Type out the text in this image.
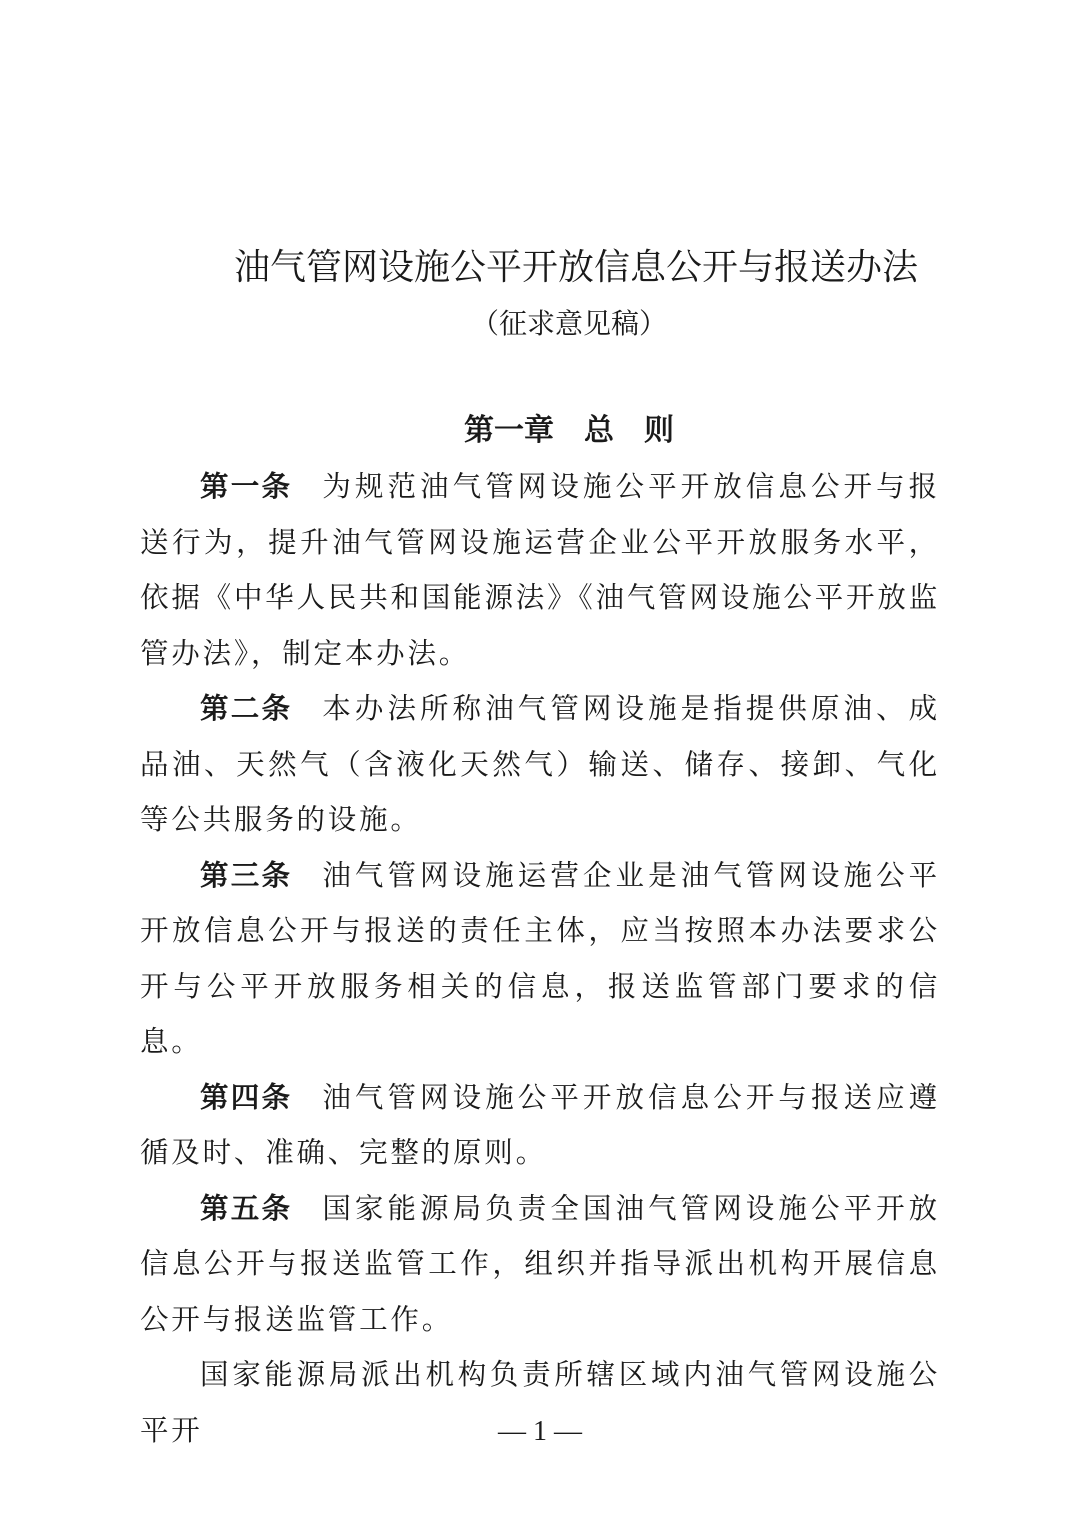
油气管网设施公平开放信息公开与报送办法
（征求意见稿）
第一章　总　则

第一条 为规范油气管网设施公平开放信息公开与报送行为，提升油气管网设施运营企业公平开放服务水平，依据《中华人民共和国能源法》《油气管网设施公平开放监管办法》，制定本办法。

第二条 本办法所称油气管网设施是指提供原油、成品油、天然气（含液化天然气）输送、储存、接卸、气化等公共服务的设施。

第三条 油气管网设施运营企业是油气管网设施公平开放信息公开与报送的责任主体，应当按照本办法要求公开与公平开放服务相关的信息，报送监管部门要求的信息。

第四条 油气管网设施公平开放信息公开与报送应遵循及时、准确、完整的原则。

第五条 国家能源局负责全国油气管网设施公平开放信息公开与报送监管工作，组织并指导派出机构开展信息公开与报送监管工作。

国家能源局派出机构负责所辖区域内油气管网设施公平开	— 1 —
